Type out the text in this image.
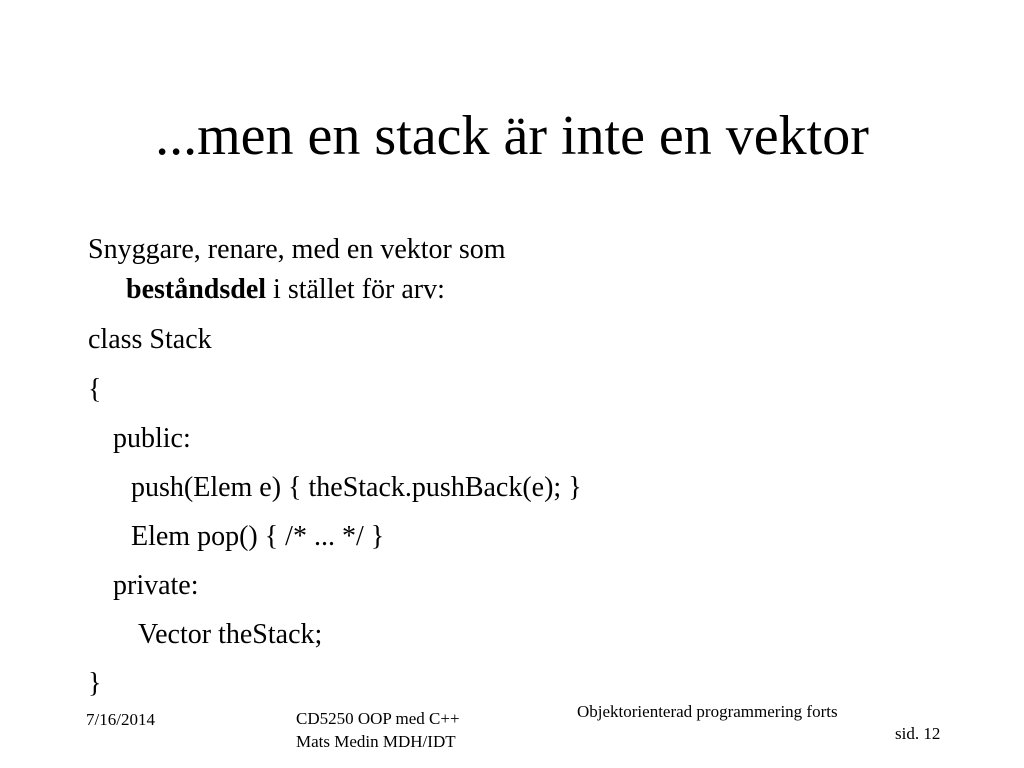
...men en stack är inte en vektor
Snyggare, renare, med en vektor som
beståndsdel i stället för arv:
class Stack
{
public:
push(Elem e) { theStack.pushBack(e); }
Elem pop() { /* ... */ }
private:
Vector theStack;
}
7/16/2014	CD5250 OOP med C++
Mats Medin MDH/IDT
Objektorienterad programmering forts
sid. 12
